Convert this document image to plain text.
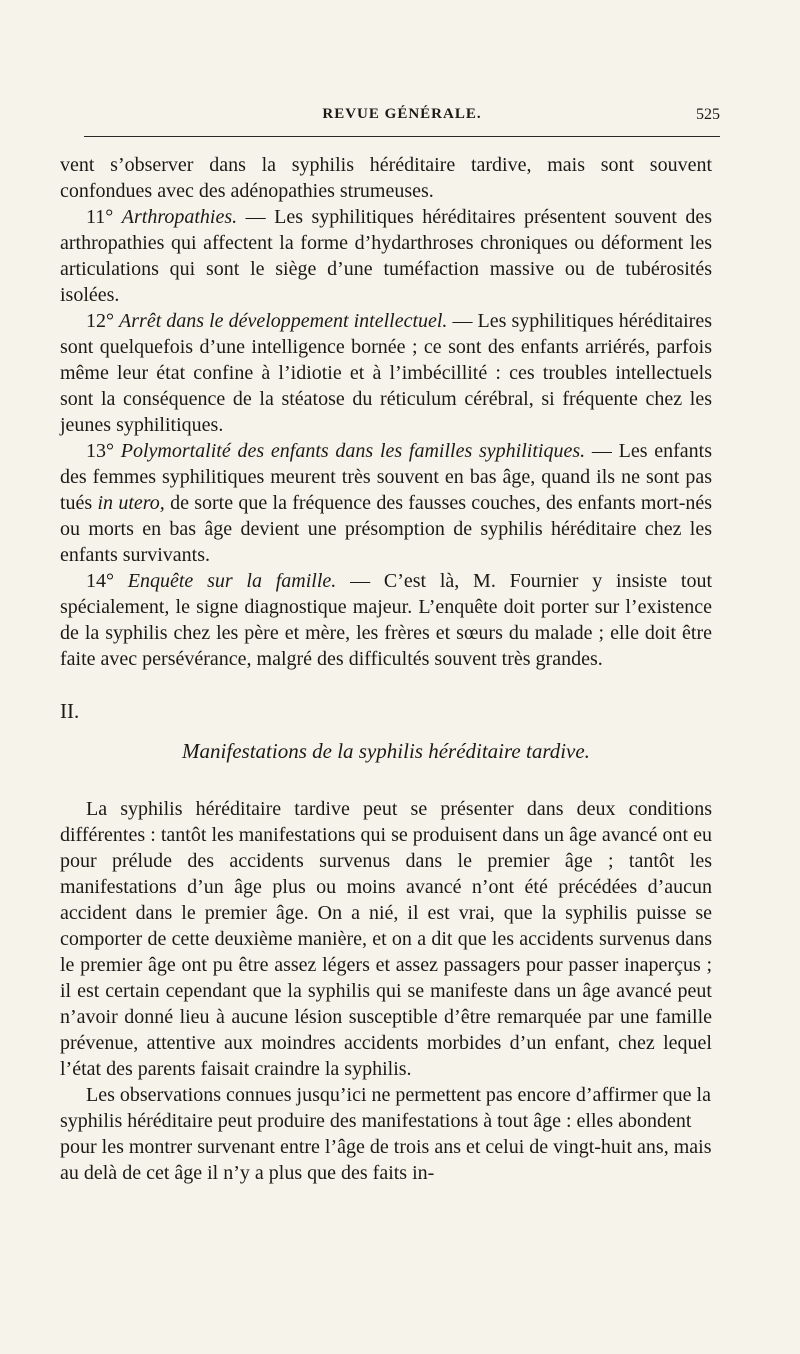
REVUE GÉNÉRALE.	525

vent s’observer dans la syphilis héréditaire tardive, mais sont souvent confondues avec des adénopathies strumeuses.

11° Arthropathies. — Les syphilitiques héréditaires présentent souvent des arthropathies qui affectent la forme d’hydarthroses chroniques ou déforment les articulations qui sont le siège d’une tuméfaction massive ou de tubérosités isolées.

12° Arrêt dans le développement intellectuel. — Les syphilitiques héréditaires sont quelquefois d’une intelligence bornée ; ce sont des enfants arriérés, parfois même leur état confine à l’idiotie et à l’imbécillité : ces troubles intellectuels sont la conséquence de la stéatose du réticulum cérébral, si fréquente chez les jeunes syphilitiques.

13° Polymortalité des enfants dans les familles syphilitiques. — Les enfants des femmes syphilitiques meurent très souvent en bas âge, quand ils ne sont pas tués in utero, de sorte que la fréquence des fausses couches, des enfants mort-nés ou morts en bas âge devient une présomption de syphilis héréditaire chez les enfants survivants.

14° Enquête sur la famille. — C’est là, M. Fournier y insiste tout spécialement, le signe diagnostique majeur. L’enquête doit porter sur l’existence de la syphilis chez les père et mère, les frères et sœurs du malade ; elle doit être faite avec persévérance, malgré des difficultés souvent très grandes.

II.

Manifestations de la syphilis héréditaire tardive.

La syphilis héréditaire tardive peut se présenter dans deux conditions différentes : tantôt les manifestations qui se produisent dans un âge avancé ont eu pour prélude des accidents survenus dans le premier âge ; tantôt les manifestations d’un âge plus ou moins avancé n’ont été précédées d’aucun accident dans le premier âge. On a nié, il est vrai, que la syphilis puisse se comporter de cette deuxième manière, et on a dit que les accidents survenus dans le premier âge ont pu être assez légers et assez passagers pour passer inaperçus ; il est certain cependant que la syphilis qui se manifeste dans un âge avancé peut n’avoir donné lieu à aucune lésion susceptible d’être remarquée par une famille prévenue, attentive aux moindres accidents morbides d’un enfant, chez lequel l’état des parents faisait craindre la syphilis.

Les observations connues jusqu’ici ne permettent pas encore d’affirmer que la syphilis héréditaire peut produire des manifestations à tout âge : elles abondent pour les montrer survenant entre l’âge de trois ans et celui de vingt-huit ans, mais au delà de cet âge il n’y a plus que des faits in-
